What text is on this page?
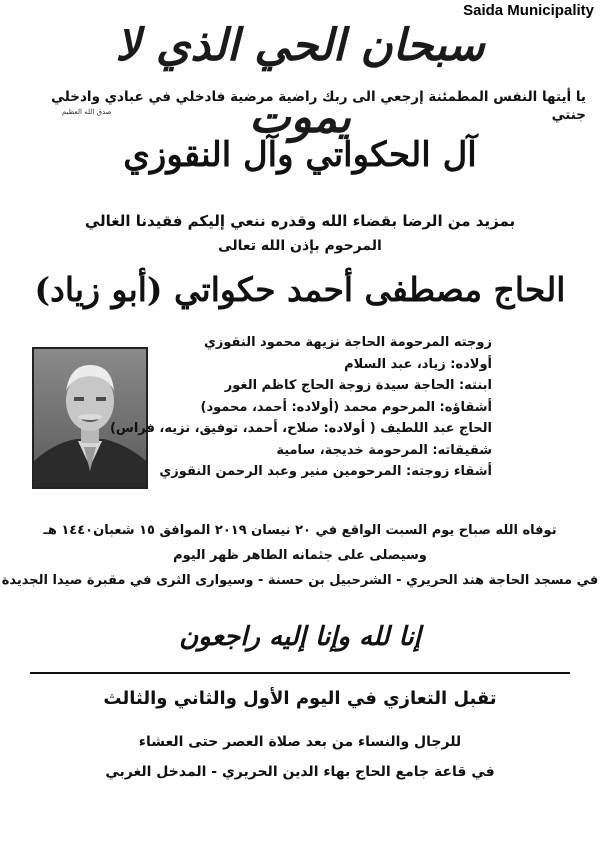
Saida Municipality
سبحان الحي الذي لا يموت
يا أيتها النفس المطمئنة إرجعي الى ربك راضية مرضية فادخلي في عبادي وادخلي جنتي
صدق الله العظيم
آل الحكواتي وآل النقوزي
بمزيد من الرضا بقضاء الله وقدره ننعي إليكم فقيدنا الغالي
المرحوم بإذن الله تعالى
الحاج مصطفى أحمد حكواتي (أبو زياد)
زوجته المرحومة الحاجة نزيهة محمود النقوزي
أولاده: زياد، عبد السلام
ابنته: الحاجة سيدة زوجة الحاج كاظم الغور
أشقاؤه: المرحوم محمد (أولاده: أحمد، محمود)
الحاج عبد اللطيف ( أولاده: صلاح، أحمد، توفيق، نزيه، فراس)
شقيقاته: المرحومة خديجة، سامية
أشقاء زوجته: المرحومين منير وعبد الرحمن النقوزي
توفاه الله صباح يوم السبت الواقع في ٢٠ نيسان ٢٠١٩ الموافق ١٥ شعبان١٤٤٠ هـ
وسيصلى على جثمانه الطاهر ظهر اليوم
في مسجد الحاجة هند الحريري - الشرحبيل بن حسنة - وسيوارى الثرى في مقبرة صيدا الجديدة
إنا لله وإنا إليه راجعون
تقبل التعازي في اليوم الأول والثاني والثالث
للرجال والنساء من بعد صلاة العصر حتى العشاء
في قاعة جامع الحاج بهاء الدين الحريري - المدخل الغربي
